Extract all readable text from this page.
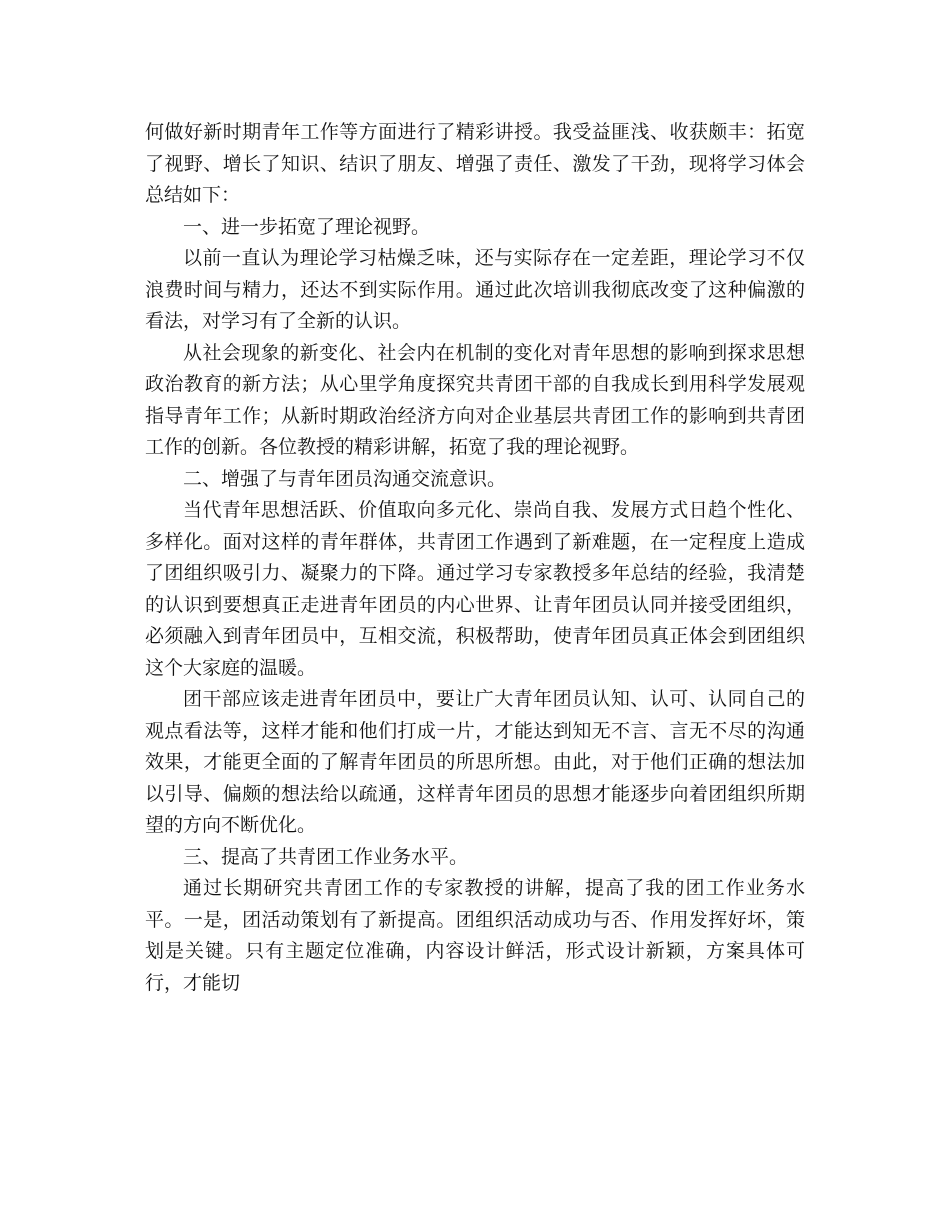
何做好新时期青年工作等方面进行了精彩讲授。我受益匪浅、收获颇丰：拓宽了视野、增长了知识、结识了朋友、增强了责任、激发了干劲，现将学习体会总结如下：

一、进一步拓宽了理论视野。

以前一直认为理论学习枯燥乏味，还与实际存在一定差距，理论学习不仅浪费时间与精力，还达不到实际作用。通过此次培训我彻底改变了这种偏激的看法，对学习有了全新的认识。

从社会现象的新变化、社会内在机制的变化对青年思想的影响到探求思想政治教育的新方法；从心里学角度探究共青团干部的自我成长到用科学发展观指导青年工作；从新时期政治经济方向对企业基层共青团工作的影响到共青团工作的创新。各位教授的精彩讲解，拓宽了我的理论视野。

二、增强了与青年团员沟通交流意识。

当代青年思想活跃、价值取向多元化、崇尚自我、发展方式日趋个性化、多样化。面对这样的青年群体，共青团工作遇到了新难题，在一定程度上造成了团组织吸引力、凝聚力的下降。通过学习专家教授多年总结的经验，我清楚的认识到要想真正走进青年团员的内心世界、让青年团员认同并接受团组织，必须融入到青年团员中，互相交流，积极帮助，使青年团员真正体会到团组织这个大家庭的温暖。

团干部应该走进青年团员中，要让广大青年团员认知、认可、认同自己的观点看法等，这样才能和他们打成一片，才能达到知无不言、言无不尽的沟通效果，才能更全面的了解青年团员的所思所想。由此，对于他们正确的想法加以引导、偏颇的想法给以疏通，这样青年团员的思想才能逐步向着团组织所期望的方向不断优化。

三、提高了共青团工作业务水平。

通过长期研究共青团工作的专家教授的讲解，提高了我的团工作业务水平。一是，团活动策划有了新提高。团组织活动成功与否、作用发挥好坏，策划是关键。只有主题定位准确，内容设计鲜活，形式设计新颖，方案具体可行，才能切
